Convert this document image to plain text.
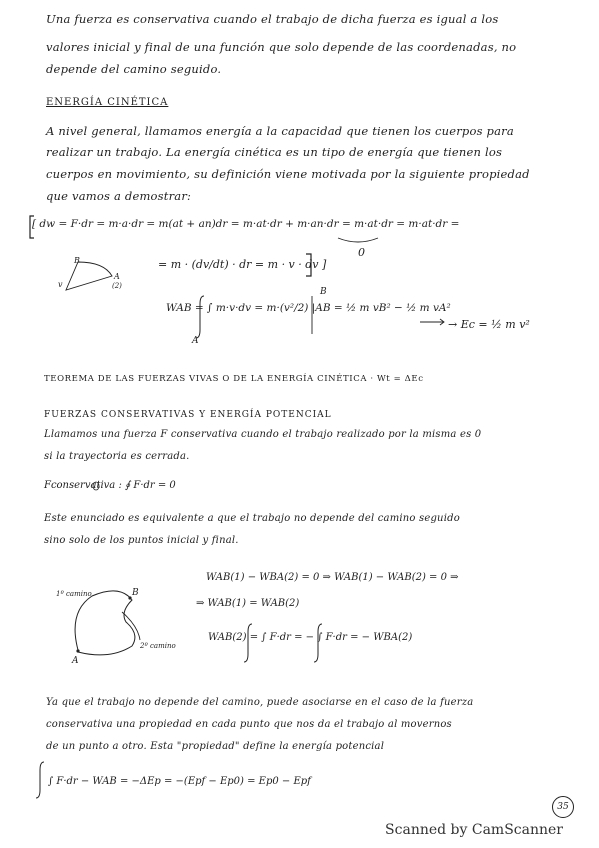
Una fuerza es conservativa cuando el trabajo de dicha fuerza es igual a los
valores inicial y final de una función que solo depende de las coordenadas, no
depende del camino seguido.
ENERGÍA CINÉTICA
A nivel general, llamamos energía a la capacidad que tienen los cuerpos para
realizar un trabajo. La energía cinética es un tipo de energía que tienen los
cuerpos en movimiento, su definición viene motivada por la siguiente propiedad
que vamos a demostrar:
[ dw = F·dr = m·a·dr = m(at + an)dr = m·at·dr + m·an·dr = m·at·dr = m·at·dr =
0
= m · (dv/dt) · dr = m · v · dv ]
WAB = ∫ m·v·dv = m·(v²/2) |AB = ½ m vB² − ½ m vA²
→ Ec = ½ m v²
B
A
B
v
A
(2)
TEOREMA DE LAS FUERZAS VIVAS O DE LA ENERGÍA CINÉTICA · Wt = ΔEc
FUERZAS CONSERVATIVAS Y ENERGÍA POTENCIAL
Llamamos una fuerza F conservativa cuando el trabajo realizado por la misma es 0
si la trayectoria es cerrada.
Fconservativa : ∮ F·dr = 0
Este enunciado es equivalente a que el trabajo no depende del camino seguido
sino solo de los puntos inicial y final.
WAB(1) − WBA(2) = 0 ⇒ WAB(1) − WAB(2) = 0 ⇒
⇒ WAB(1) = WAB(2)
WAB(2) = ∫ F·dr = − ∫ F·dr = − WBA(2)
1º camino	B
2º camino
A
Ya que el trabajo no depende del camino, puede asociarse en el caso de la fuerza
conservativa una propiedad en cada punto que nos da el trabajo al movernos
de un punto a otro. Esta "propiedad" define la energía potencial
∫ F·dr − WAB = −ΔEp = −(Epf − Ep0) = Ep0 − Epf
35
Scanned by CamScanner
